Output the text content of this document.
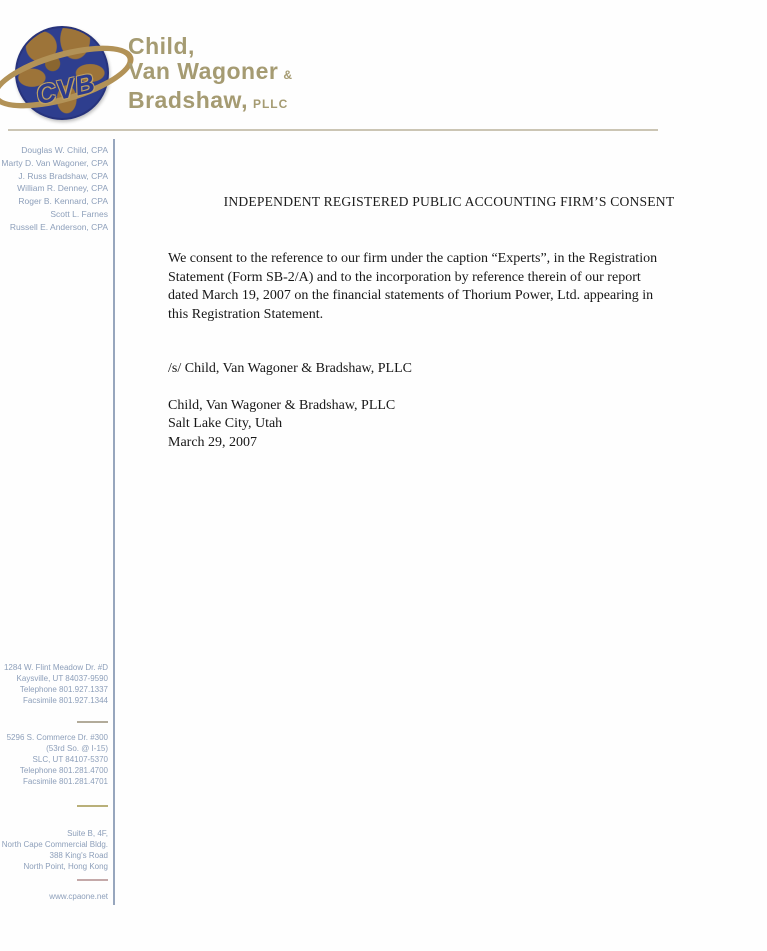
CVB
Child,
Van Wagoner &
Bradshaw, PLLC
Douglas W. Child, CPA
Marty D. Van Wagoner, CPA
J. Russ Bradshaw, CPA
William R. Denney, CPA
Roger B. Kennard, CPA
Scott L. Farnes
Russell E. Anderson, CPA
INDEPENDENT REGISTERED PUBLIC ACCOUNTING FIRM’S CONSENT
We consent to the reference to our firm under the caption “Experts”, in the Registration
Statement (Form SB-2/A) and to the incorporation by reference therein of our report
dated March 19, 2007 on the financial statements of Thorium Power, Ltd. appearing in
this Registration Statement.
/s/ Child, Van Wagoner & Bradshaw, PLLC
Child, Van Wagoner & Bradshaw, PLLC
Salt Lake City, Utah
March 29, 2007
1284 W. Flint Meadow Dr. #D
Kaysville, UT 84037-9590
Telephone 801.927.1337
Facsimile 801.927.1344
5296 S. Commerce Dr. #300
(53rd So. @ I-15)
SLC, UT 84107-5370
Telephone 801.281.4700
Facsimile 801.281.4701
Suite B, 4F,
North Cape Commercial Bldg.
388 King's Road
North Point, Hong Kong
www.cpaone.net
